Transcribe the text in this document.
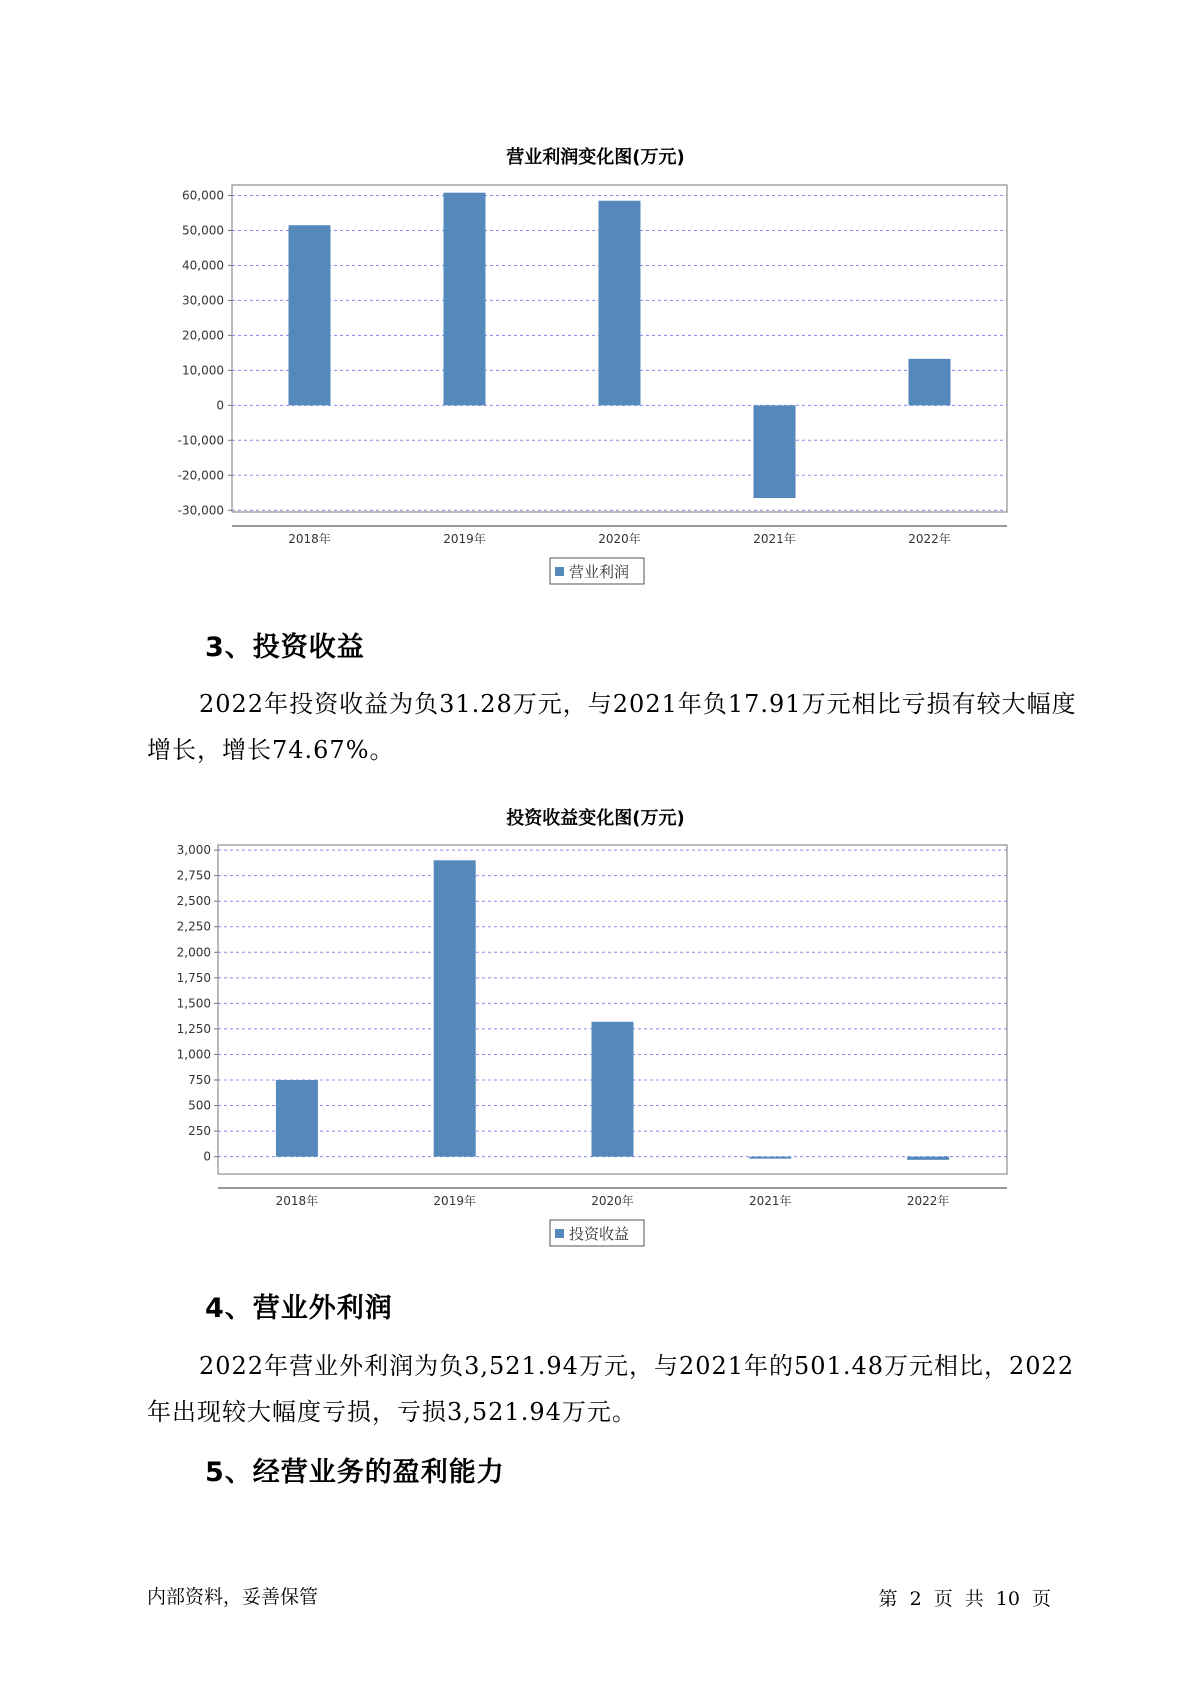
营业利润变化图(万元)
60,000
50,000
40,000
30,000
20,000
10,000
0
-10,000
-20,000
-30,000
2018年	2019年	2020年	2021年	2022年
营业利润
3、投资收益
2022年投资收益为负31.28万元，与2021年负17.91万元相比亏损有较大幅度增长，增长74.67%。
投资收益变化图(万元)
3,000
2,750
2,500
2,250
2,000
1,750
1,500
1,250
1,000
750
500
250
0
2018年	2019年	2020年	2021年	2022年
投资收益
4、营业外利润
2022年营业外利润为负3,521.94万元，与2021年的501.48万元相比，2022年出现较大幅度亏损，亏损3,521.94万元。
5、经营业务的盈利能力
内部资料，妥善保管	第 2 页 共 10 页
